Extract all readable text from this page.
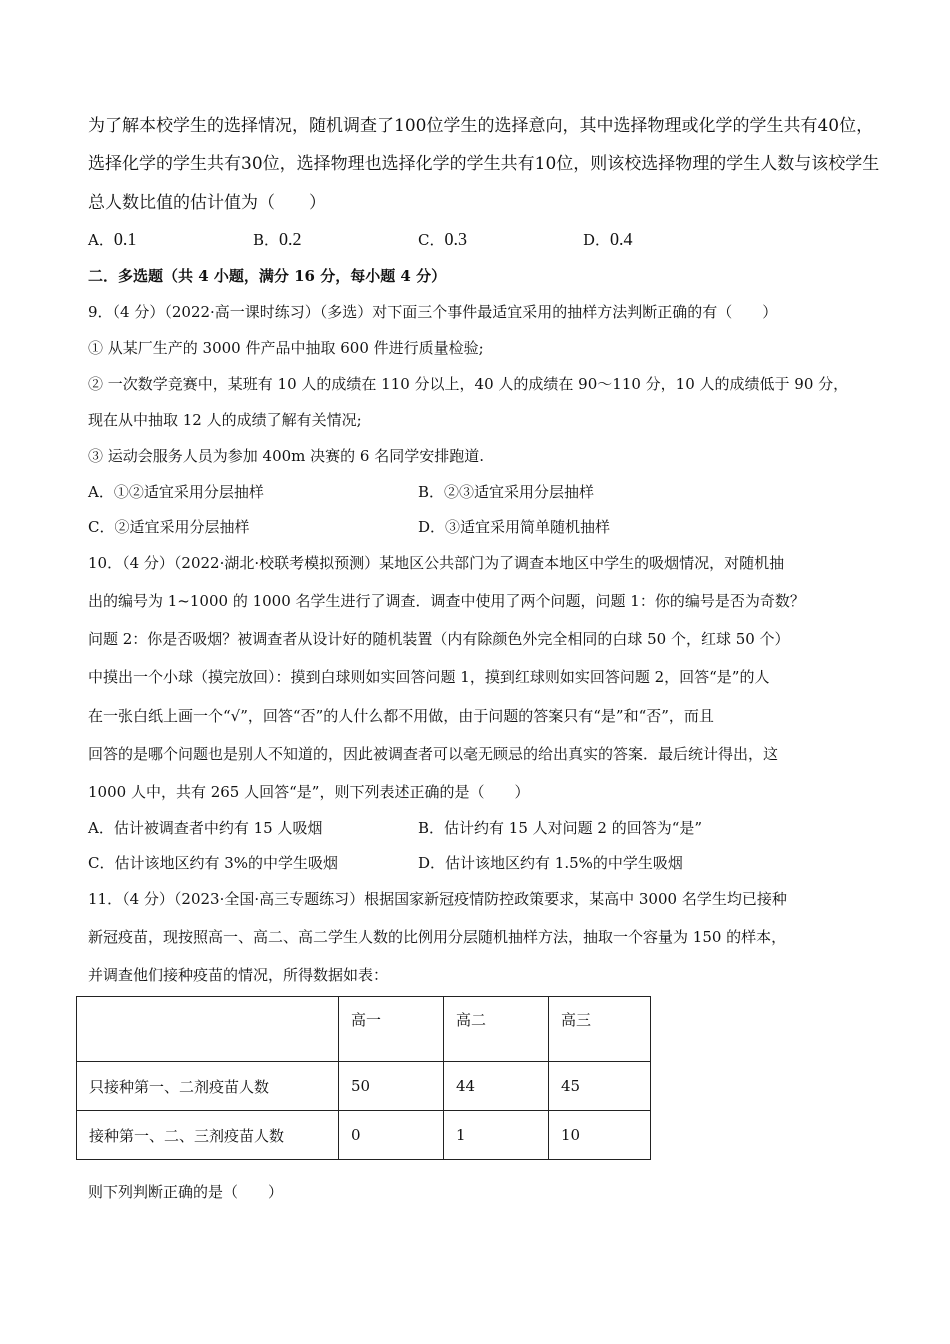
为了解本校学生的选择情况，随机调查了100位学生的选择意向，其中选择物理或化学的学生共有40位，
选择化学的学生共有30位，选择物理也选择化学的学生共有10位，则该校选择物理的学生人数与该校学生
总人数比值的估计值为（　　）
A．0.1	B．0.2	C．0.3	D．0.4
二．多选题（共 4 小题，满分 16 分，每小题 4 分）
9．（4 分）（2022·高一课时练习）（多选）对下面三个事件最适宜采用的抽样方法判断正确的有（　　）
① 从某厂生产的 3000 件产品中抽取 600 件进行质量检验;
② 一次数学竞赛中，某班有 10 人的成绩在 110 分以上，40 人的成绩在 90～110 分，10 人的成绩低于 90 分，
现在从中抽取 12 人的成绩了解有关情况;
③ 运动会服务人员为参加 400m 决赛的 6 名同学安排跑道.
A．①②适宜采用分层抽样	B．②③适宜采用分层抽样
C．②适宜采用分层抽样	D．③适宜采用简单随机抽样
10．（4 分）（2022·湖北·校联考模拟预测）某地区公共部门为了调查本地区中学生的吸烟情况，对随机抽
出的编号为 1~1000 的 1000 名学生进行了调查．调查中使用了两个问题，问题 1：你的编号是否为奇数？
问题 2：你是否吸烟？被调查者从设计好的随机装置（内有除颜色外完全相同的白球 50 个，红球 50 个）
中摸出一个小球（摸完放回）：摸到白球则如实回答问题 1，摸到红球则如实回答问题 2，回答“是”的人
在一张白纸上画一个“√”，回答“否”的人什么都不用做，由于问题的答案只有“是”和“否”，而且
回答的是哪个问题也是别人不知道的，因此被调查者可以毫无顾忌的给出真实的答案．最后统计得出，这
1000 人中，共有 265 人回答“是”，则下列表述正确的是（　　）
A．估计被调查者中约有 15 人吸烟	B．估计约有 15 人对问题 2 的回答为“是”
C．估计该地区约有 3%的中学生吸烟	D．估计该地区约有 1.5%的中学生吸烟
11．（4 分）（2023·全国·高三专题练习）根据国家新冠疫情防控政策要求，某高中 3000 名学生均已接种
新冠疫苗，现按照高一、高二、高二学生人数的比例用分层随机抽样方法，抽取一个容量为 150 的样本，
并调查他们接种疫苗的情况，所得数据如表：
	高一	高二	高三
只接种第一、二剂疫苗人数	50	44	45
接种第一、二、三剂疫苗人数	0	1	10
则下列判断正确的是（　　）
